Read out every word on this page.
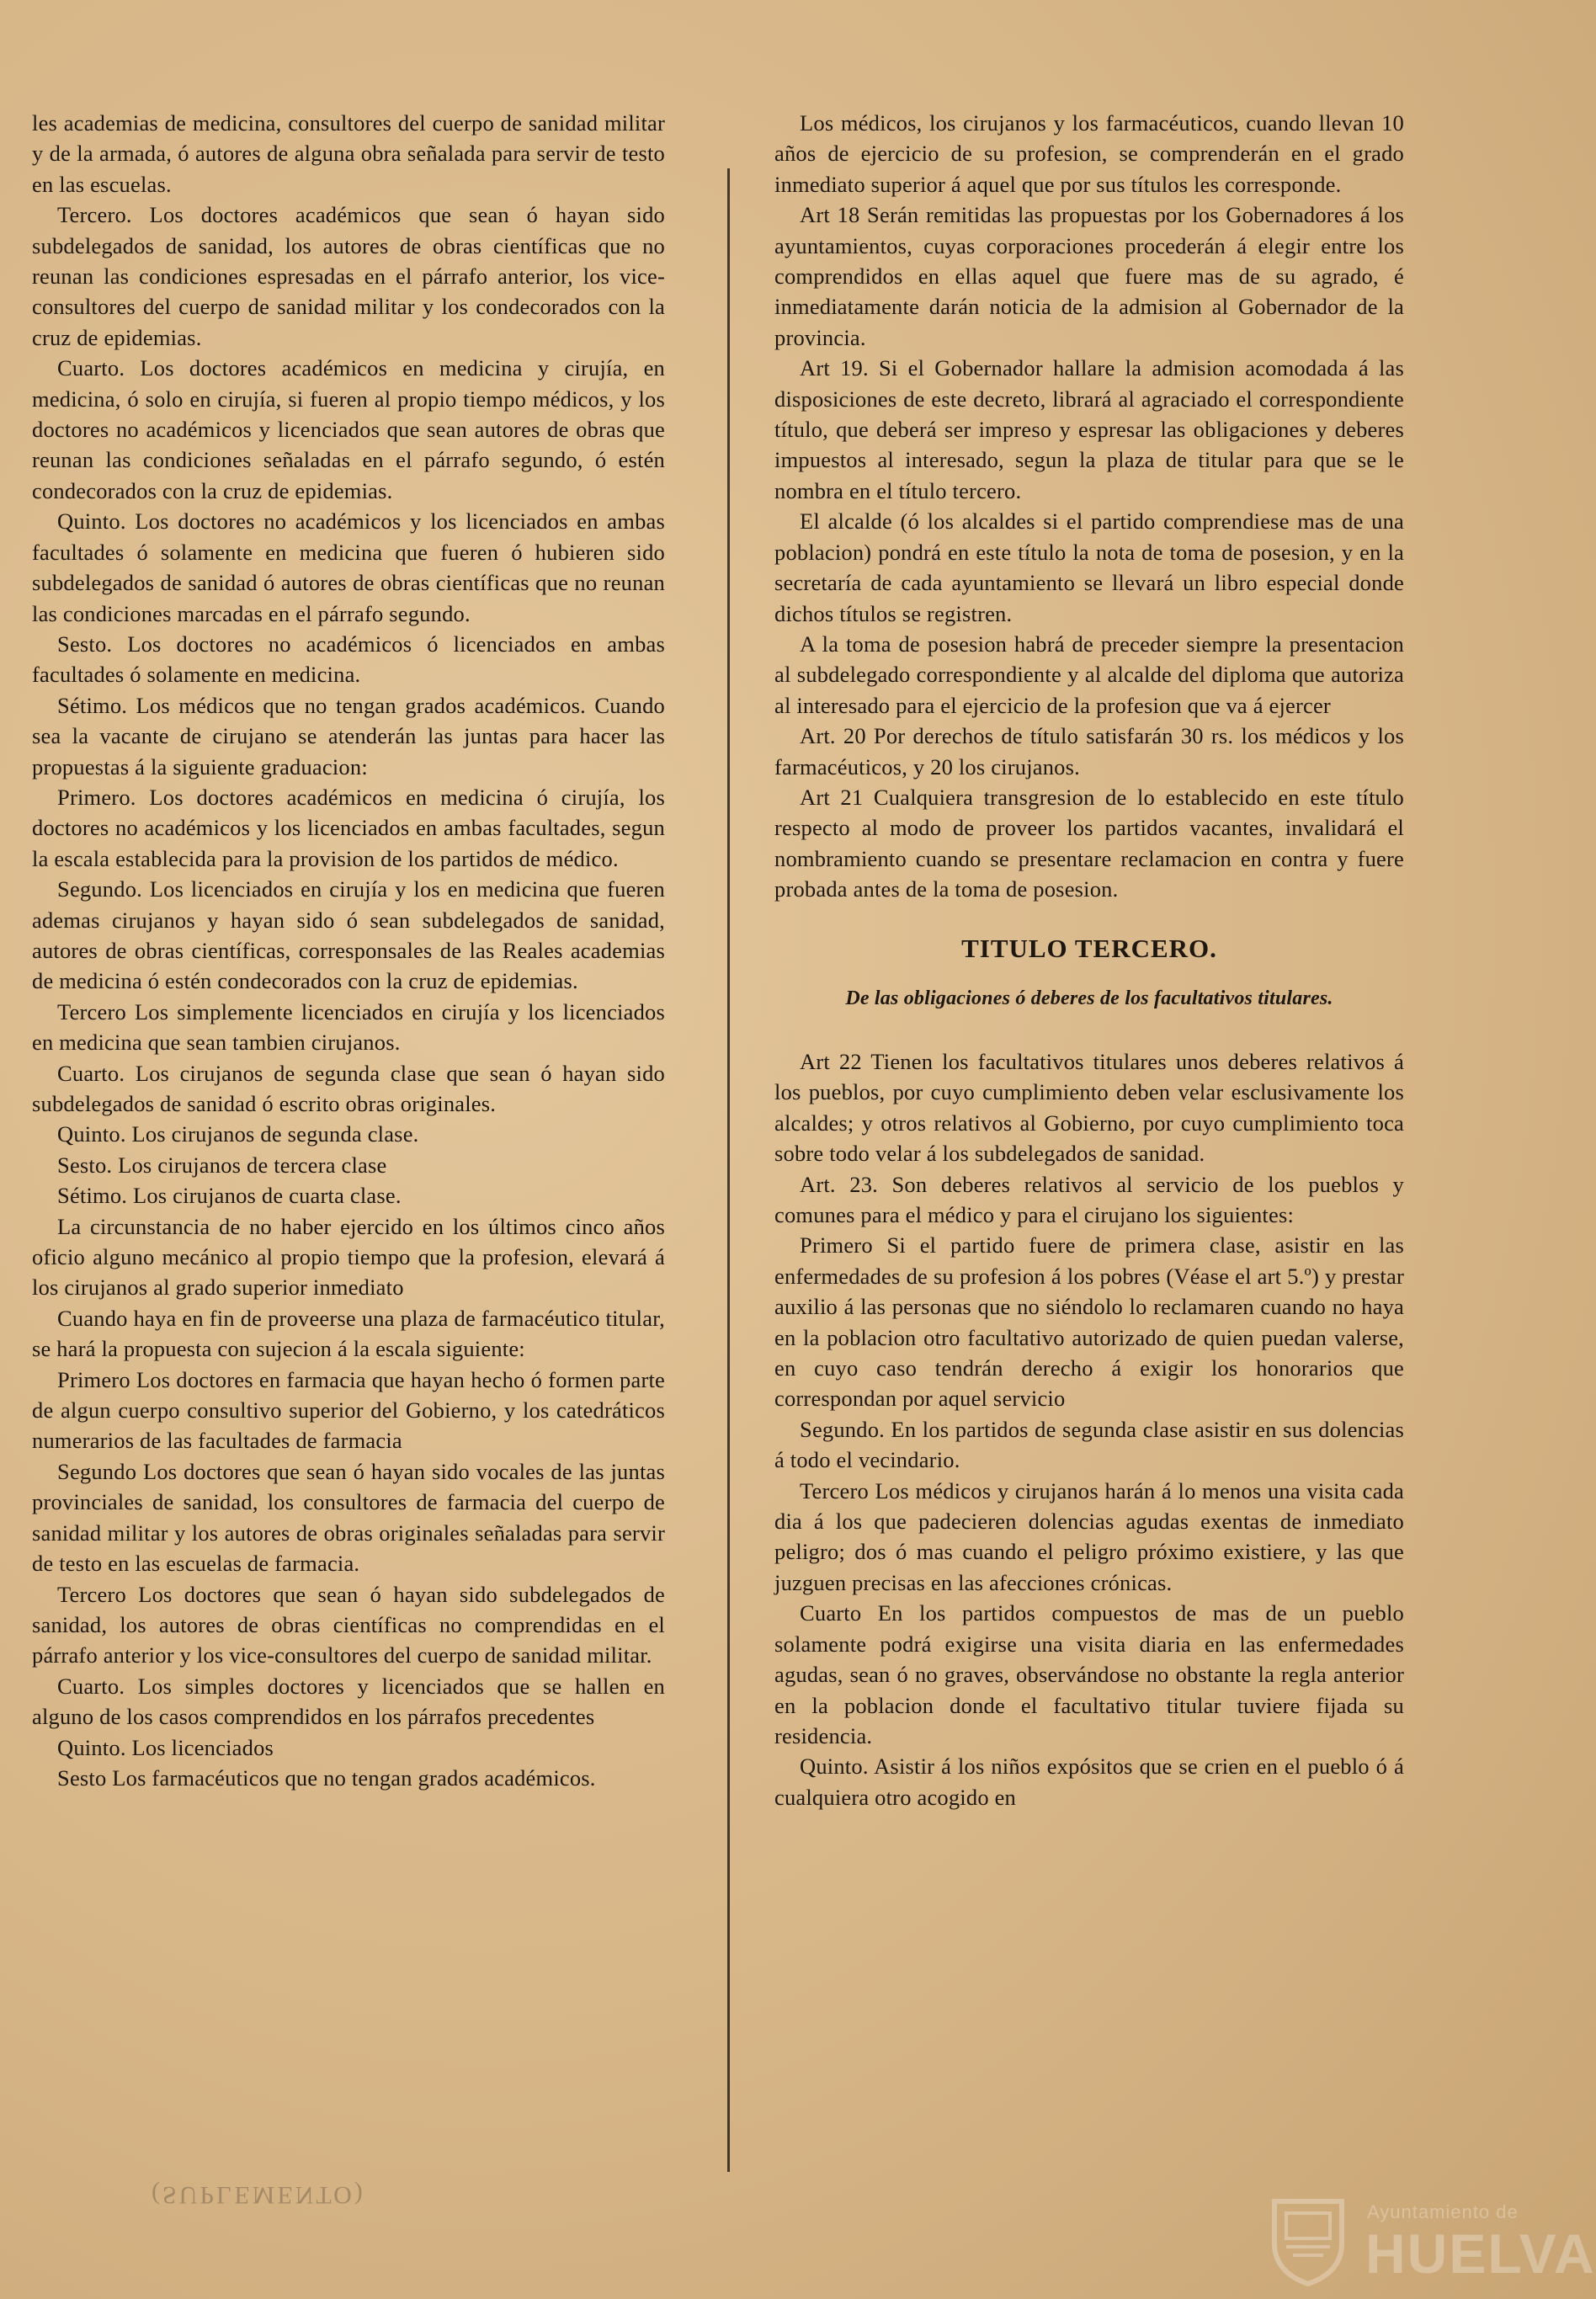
les academias de medicina, consultores del cuerpo de sanidad militar y de la armada, ó autores de alguna obra señalada para servir de testo en las escuelas.

Tercero. Los doctores académicos que sean ó hayan sido subdelegados de sanidad, los autores de obras científicas que no reunan las condiciones espresadas en el párrafo anterior, los vice-consultores del cuerpo de sanidad militar y los condecorados con la cruz de epidemias.

Cuarto. Los doctores académicos en medicina y cirujía, en medicina, ó solo en cirujía, si fueren al propio tiempo médicos, y los doctores no académicos y licenciados que sean autores de obras que reunan las condiciones señaladas en el párrafo segundo, ó estén condecorados con la cruz de epidemias.

Quinto. Los doctores no académicos y los licenciados en ambas facultades ó solamente en medicina que fueren ó hubieren sido subdelegados de sanidad ó autores de obras científicas que no reunan las condiciones marcadas en el párrafo segundo.

Sesto. Los doctores no académicos ó licenciados en ambas facultades ó solamente en medicina.

Sétimo. Los médicos que no tengan grados académicos. Cuando sea la vacante de cirujano se atenderán las juntas para hacer las propuestas á la siguiente graduacion:

Primero. Los doctores académicos en medicina ó cirujía, los doctores no académicos y los licenciados en ambas facultades, segun la escala establecida para la provision de los partidos de médico.

Segundo. Los licenciados en cirujía y los en medicina que fueren ademas cirujanos y hayan sido ó sean subdelegados de sanidad, autores de obras científicas, corresponsales de las Reales academias de medicina ó estén condecorados con la cruz de epidemias.

Tercero Los simplemente licenciados en cirujía y los licenciados en medicina que sean tambien cirujanos.

Cuarto. Los cirujanos de segunda clase que sean ó hayan sido subdelegados de sanidad ó escrito obras originales.

Quinto. Los cirujanos de segunda clase.

Sesto. Los cirujanos de tercera clase

Sétimo. Los cirujanos de cuarta clase.

La circunstancia de no haber ejercido en los últimos cinco años oficio alguno mecánico al propio tiempo que la profesion, elevará á los cirujanos al grado superior inmediato

Cuando haya en fin de proveerse una plaza de farmacéutico titular, se hará la propuesta con sujecion á la escala siguiente:

Primero Los doctores en farmacia que hayan hecho ó formen parte de algun cuerpo consultivo superior del Gobierno, y los catedráticos numerarios de las facultades de farmacia

Segundo Los doctores que sean ó hayan sido vocales de las juntas provinciales de sanidad, los consultores de farmacia del cuerpo de sanidad militar y los autores de obras originales señaladas para servir de testo en las escuelas de farmacia.

Tercero Los doctores que sean ó hayan sido subdelegados de sanidad, los autores de obras científicas no comprendidas en el párrafo anterior y los vice-consultores del cuerpo de sanidad militar.

Cuarto. Los simples doctores y licenciados que se hallen en alguno de los casos comprendidos en los párrafos precedentes

Quinto. Los licenciados

Sesto Los farmacéuticos que no tengan grados académicos.

Los médicos, los cirujanos y los farmacéuticos, cuando llevan 10 años de ejercicio de su profesion, se comprenderán en el grado inmediato superior á aquel que por sus títulos les corresponde.

Art 18 Serán remitidas las propuestas por los Gobernadores á los ayuntamientos, cuyas corporaciones procederán á elegir entre los comprendidos en ellas aquel que fuere mas de su agrado, é inmediatamente darán noticia de la admision al Gobernador de la provincia.

Art 19. Si el Gobernador hallare la admision acomodada á las disposiciones de este decreto, librará al agraciado el correspondiente título, que deberá ser impreso y espresar las obligaciones y deberes impuestos al interesado, segun la plaza de titular para que se le nombra en el título tercero.

El alcalde (ó los alcaldes si el partido comprendiese mas de una poblacion) pondrá en este título la nota de toma de posesion, y en la secretaría de cada ayuntamiento se llevará un libro especial donde dichos títulos se registren.

A la toma de posesion habrá de preceder siempre la presentacion al subdelegado correspondiente y al alcalde del diploma que autoriza al interesado para el ejercicio de la profesion que va á ejercer

Art. 20 Por derechos de título satisfarán 30 rs. los médicos y los farmacéuticos, y 20 los cirujanos.

Art 21 Cualquiera transgresion de lo establecido en este título respecto al modo de proveer los partidos vacantes, invalidará el nombramiento cuando se presentare reclamacion en contra y fuere probada antes de la toma de posesion.

TITULO TERCERO.
De las obligaciones ó deberes de los facultativos titulares.

Art 22 Tienen los facultativos titulares unos deberes relativos á los pueblos, por cuyo cumplimiento deben velar esclusivamente los alcaldes; y otros relativos al Gobierno, por cuyo cumplimiento toca sobre todo velar á los subdelegados de sanidad.

Art. 23. Son deberes relativos al servicio de los pueblos y comunes para el médico y para el cirujano los siguientes:

Primero Si el partido fuere de primera clase, asistir en las enfermedades de su profesion á los pobres (Véase el art 5.º) y prestar auxilio á las personas que no siéndolo lo reclamaren cuando no haya en la poblacion otro facultativo autorizado de quien puedan valerse, en cuyo caso tendrán derecho á exigir los honorarios que correspondan por aquel servicio

Segundo. En los partidos de segunda clase asistir en sus dolencias á todo el vecindario.

Tercero Los médicos y cirujanos harán á lo menos una visita cada dia á los que padecieren dolencias agudas exentas de inmediato peligro; dos ó mas cuando el peligro próximo existiere, y las que juzguen precisas en las afecciones crónicas.

Cuarto En los partidos compuestos de mas de un pueblo solamente podrá exigirse una visita diaria en las enfermedades agudas, sean ó no graves, observándose no obstante la regla anterior en la poblacion donde el facultativo titular tuviere fijada su residencia.

Quinto. Asistir á los niños expósitos que se crien en el pueblo ó á cualquiera otro acogido en

(SUPLEMENTO)
Ayuntamiento de
HUELVA
